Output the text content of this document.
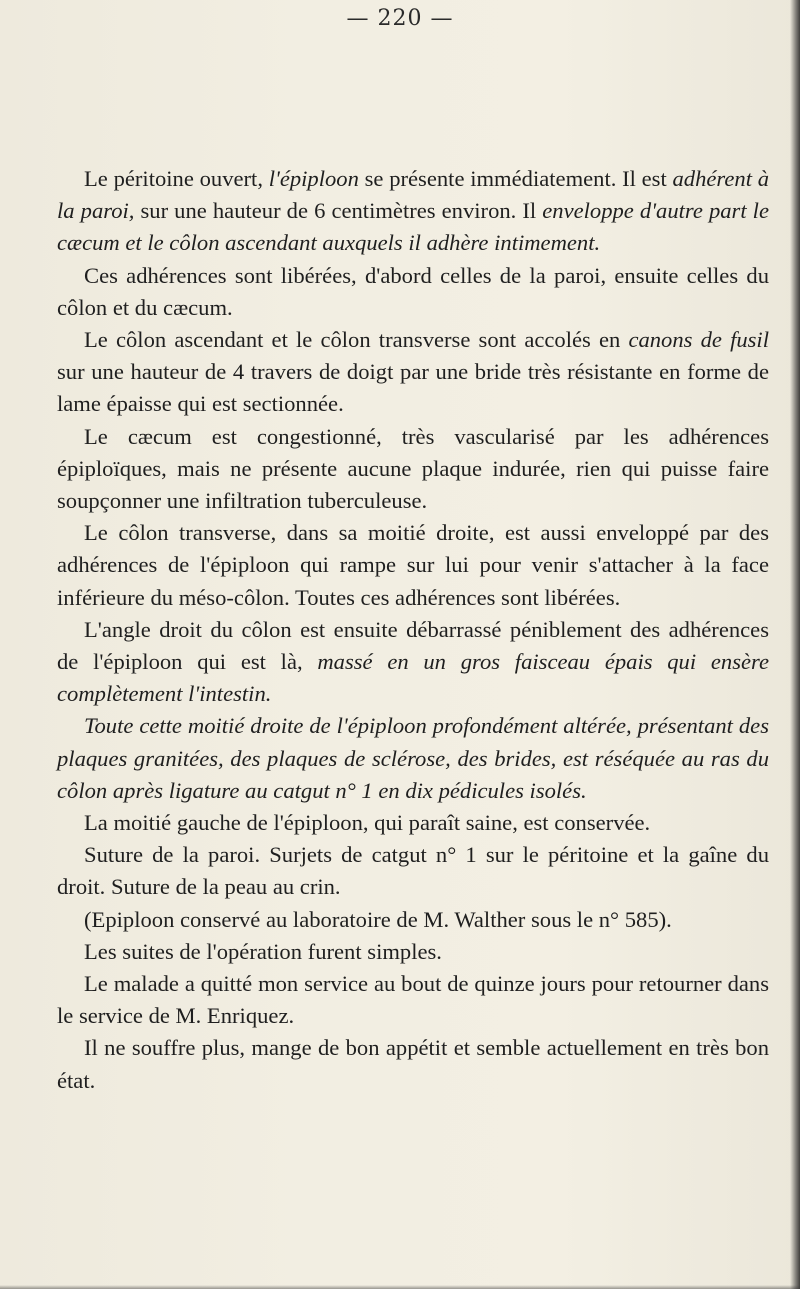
— 220 —

Le péritoine ouvert, l'épiploon se présente immédiatement. Il est adhérent à la paroi, sur une hauteur de 6 centimètres environ. Il enveloppe d'autre part le cæcum et le côlon ascendant auxquels il adhère intimement.

Ces adhérences sont libérées, d'abord celles de la paroi, ensuite celles du côlon et du cæcum.

Le côlon ascendant et le côlon transverse sont accolés en canons de fusil sur une hauteur de 4 travers de doigt par une bride très résistante en forme de lame épaisse qui est sectionnée.

Le cæcum est congestionné, très vascularisé par les adhérences épiploïques, mais ne présente aucune plaque indurée, rien qui puisse faire soupçonner une infiltration tuberculeuse.

Le côlon transverse, dans sa moitié droite, est aussi enveloppé par des adhérences de l'épiploon qui rampe sur lui pour venir s'attacher à la face inférieure du méso-côlon. Toutes ces adhérences sont libérées.

L'angle droit du côlon est ensuite débarrassé péniblement des adhérences de l'épiploon qui est là, massé en un gros faisceau épais qui ensère complètement l'intestin.

Toute cette moitié droite de l'épiploon profondément altérée, présentant des plaques granitées, des plaques de sclérose, des brides, est réséquée au ras du côlon après ligature au catgut n° 1 en dix pédicules isolés.

La moitié gauche de l'épiploon, qui paraît saine, est conservée.

Suture de la paroi. Surjets de catgut n° 1 sur le péritoine et la gaîne du droit. Suture de la peau au crin.

(Epiploon conservé au laboratoire de M. Walther sous le n° 585).

Les suites de l'opération furent simples.

Le malade a quitté mon service au bout de quinze jours pour retourner dans le service de M. Enriquez.

Il ne souffre plus, mange de bon appétit et semble actuellement en très bon état.
